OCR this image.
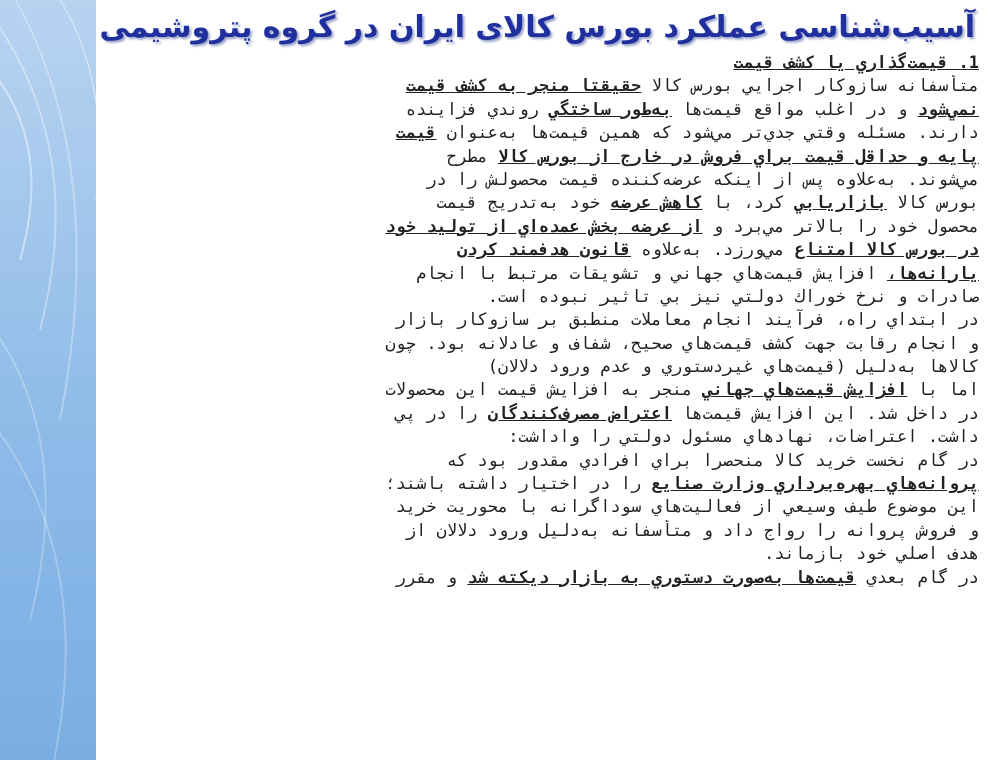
آسیب‌شناسی عملکرد بورس کالای ایران در گروه پتروشیمی
1. قيمت‌گذاري يا كشف قيمت
متأسفانه سازوكار اجرايي بورس كالا حقيقتا منجر به كشف قيمت
نمي‌شود و در اغلب مواقع قيمت‌ها به‌طور ساختگي روندي فزاينده
دارند. مسئله وقتي جدي‌تر مي‌شود كه همين قيمت‌ها به‌عنوان قيمت
پايه و حداقل قيمت براي فروش در خارج از بورس كالا مطرح
مي‌شوند. به‌علاوه پس از اينكه عرضه‌كننده قيمت محصولش را در
بورس كالا بازاريابي كرد، با كاهش عرضه خود به‌تدريج قيمت
محصول خود را بالاتر مي‌برد و از عرضه بخش عمده‌اي از توليد خود
در بورس كالا امتناع مي‌ورزد. به‌علاوه قانون هدفمند كردن
يارانه‌ها، افزايش قيمت‌هاي جهاني و تشويقات مرتبط با انجام
صادرات و نرخ خوراك دولتي نيز بي تاثير نبوده است.
در ابتداي راه، فرآيند انجام معاملات منطبق بر سازوكار بازار
و انجام رقابت جهت كشف قيمت‌هاي صحيح، شفاف و عادلانه بود. چون
كالاها به‌دليل (قيمت‌هاي غيردستوري و عدم ورود دلالان)
اما با افزايش قيمت‌هاي جهاني منجر به افزايش قيمت اين محصولات
در داخل شد. اين افزايش قيمت‌ها اعتراض مصرف‌كنندگان را در پي
داشت. اعتراضات، نهادهاي مسئول دولتي را واداشت:
در گام نخست خريد كالا منحصرا براي افرادي مقدور بود كه
پروانه‌هاي بهره‌برداري وزارت صنايع را در اختيار داشته باشند؛
اين موضوع طيف وسيعي از فعاليت‌هاي سوداگرانه با محوريت خريد
و فروش پروانه را رواج داد و متأسفانه به‌دليل ورود دلالان از
هدف اصلي خود بازماند.
در گام بعدي قيمت‌ها به‌صورت دستوري به بازار ديكته شد و مقرر
